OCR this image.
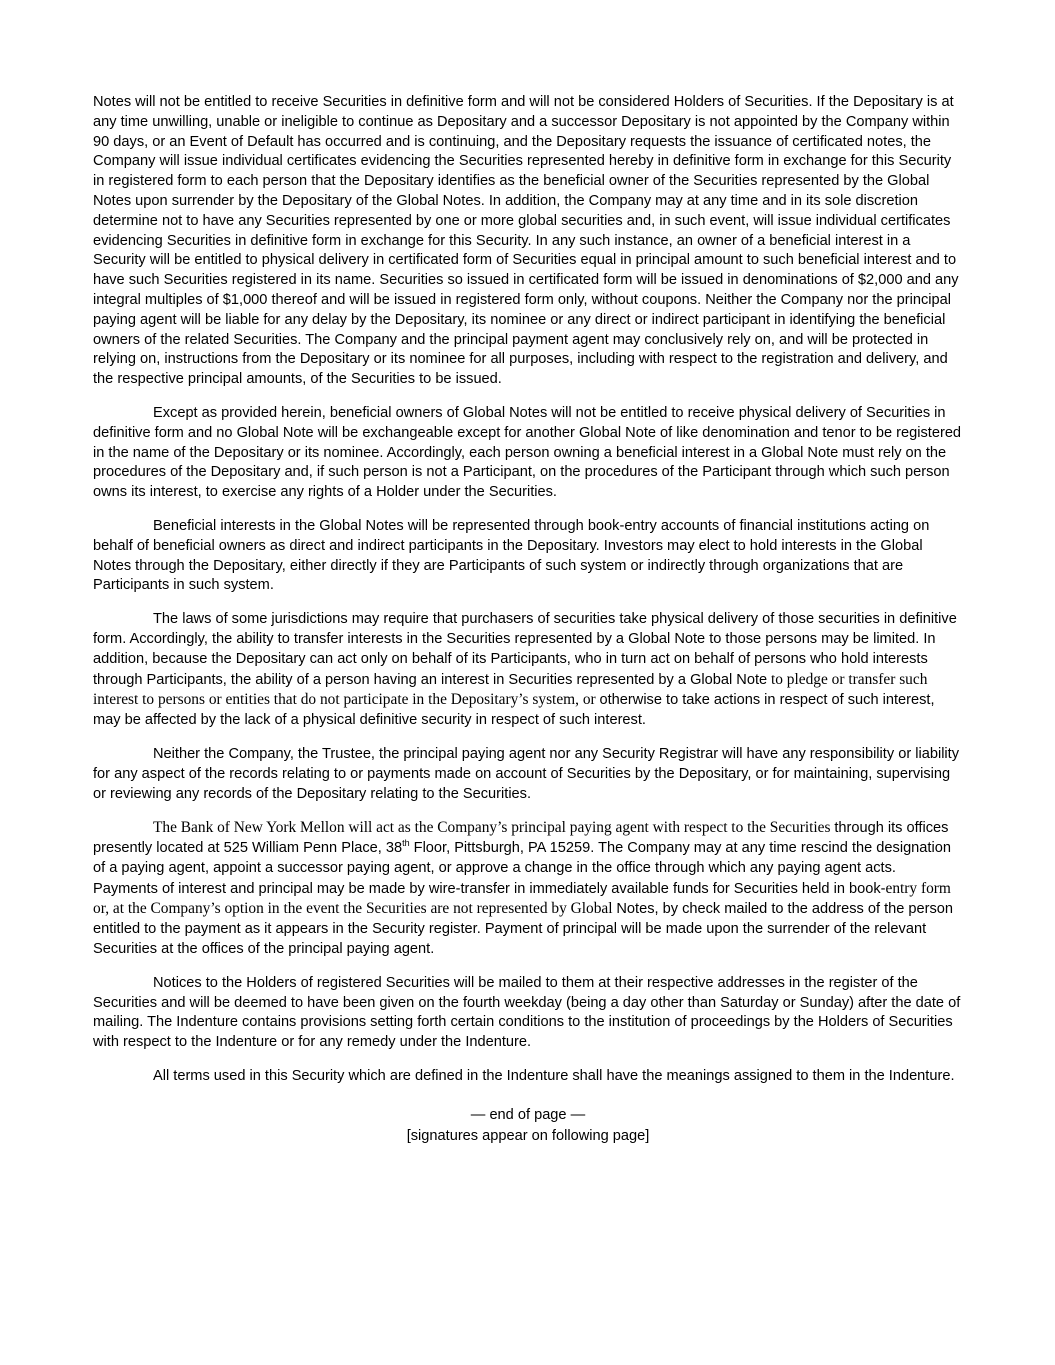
Notes will not be entitled to receive Securities in definitive form and will not be considered Holders of Securities. If the Depositary is at any time unwilling, unable or ineligible to continue as Depositary and a successor Depositary is not appointed by the Company within 90 days, or an Event of Default has occurred and is continuing, and the Depositary requests the issuance of certificated notes, the Company will issue individual certificates evidencing the Securities represented hereby in definitive form in exchange for this Security in registered form to each person that the Depositary identifies as the beneficial owner of the Securities represented by the Global Notes upon surrender by the Depositary of the Global Notes. In addition, the Company may at any time and in its sole discretion determine not to have any Securities represented by one or more global securities and, in such event, will issue individual certificates evidencing Securities in definitive form in exchange for this Security. In any such instance, an owner of a beneficial interest in a Security will be entitled to physical delivery in certificated form of Securities equal in principal amount to such beneficial interest and to have such Securities registered in its name. Securities so issued in certificated form will be issued in denominations of $2,000 and any integral multiples of $1,000 thereof and will be issued in registered form only, without coupons. Neither the Company nor the principal paying agent will be liable for any delay by the Depositary, its nominee or any direct or indirect participant in identifying the beneficial owners of the related Securities. The Company and the principal payment agent may conclusively rely on, and will be protected in relying on, instructions from the Depositary or its nominee for all purposes, including with respect to the registration and delivery, and the respective principal amounts, of the Securities to be issued.

Except as provided herein, beneficial owners of Global Notes will not be entitled to receive physical delivery of Securities in definitive form and no Global Note will be exchangeable except for another Global Note of like denomination and tenor to be registered in the name of the Depositary or its nominee. Accordingly, each person owning a beneficial interest in a Global Note must rely on the procedures of the Depositary and, if such person is not a Participant, on the procedures of the Participant through which such person owns its interest, to exercise any rights of a Holder under the Securities.

Beneficial interests in the Global Notes will be represented through book-entry accounts of financial institutions acting on behalf of beneficial owners as direct and indirect participants in the Depositary. Investors may elect to hold interests in the Global Notes through the Depositary, either directly if they are Participants of such system or indirectly through organizations that are Participants in such system.

The laws of some jurisdictions may require that purchasers of securities take physical delivery of those securities in definitive form. Accordingly, the ability to transfer interests in the Securities represented by a Global Note to those persons may be limited. In addition, because the Depositary can act only on behalf of its Participants, who in turn act on behalf of persons who hold interests through Participants, the ability of a person having an interest in Securities represented by a Global Note to pledge or transfer such interest to persons or entities that do not participate in the Depositary’s system, or otherwise to take actions in respect of such interest, may be affected by the lack of a physical definitive security in respect of such interest.

Neither the Company, the Trustee, the principal paying agent nor any Security Registrar will have any responsibility or liability for any aspect of the records relating to or payments made on account of Securities by the Depositary, or for maintaining, supervising or reviewing any records of the Depositary relating to the Securities.

The Bank of New York Mellon will act as the Company’s principal paying agent with respect to the Securities through its offices presently located at 525 William Penn Place, 38th Floor, Pittsburgh, PA 15259. The Company may at any time rescind the designation of a paying agent, appoint a successor paying agent, or approve a change in the office through which any paying agent acts. Payments of interest and principal may be made by wire-transfer in immediately available funds for Securities held in book-entry form or, at the Company’s option in the event the Securities are not represented by Global Notes, by check mailed to the address of the person entitled to the payment as it appears in the Security register. Payment of principal will be made upon the surrender of the relevant Securities at the offices of the principal paying agent.

Notices to the Holders of registered Securities will be mailed to them at their respective addresses in the register of the Securities and will be deemed to have been given on the fourth weekday (being a day other than Saturday or Sunday) after the date of mailing. The Indenture contains provisions setting forth certain conditions to the institution of proceedings by the Holders of Securities with respect to the Indenture or for any remedy under the Indenture.

All terms used in this Security which are defined in the Indenture shall have the meanings assigned to them in the Indenture.

— end of page —
[signatures appear on following page]
